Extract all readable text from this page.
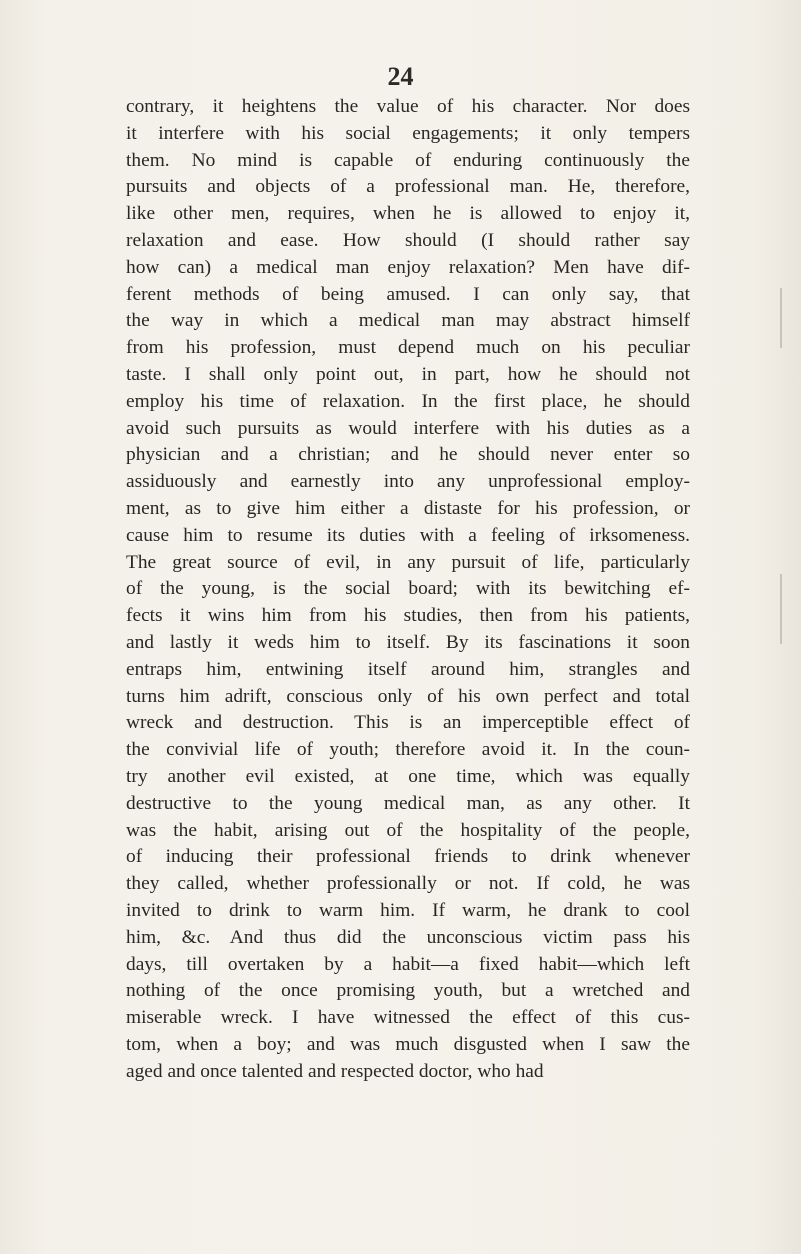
24
contrary, it heightens the value of his character. Nor does
it interfere with his social engagements; it only tempers
them. No mind is capable of enduring continuously the
pursuits and objects of a professional man. He, therefore,
like other men, requires, when he is allowed to enjoy it,
relaxation and ease. How should (I should rather say
how can) a medical man enjoy relaxation? Men have dif-
ferent methods of being amused. I can only say, that
the way in which a medical man may abstract himself
from his profession, must depend much on his peculiar
taste. I shall only point out, in part, how he should not
employ his time of relaxation. In the first place, he should
avoid such pursuits as would interfere with his duties as a
physician and a christian; and he should never enter so
assiduously and earnestly into any unprofessional employ-
ment, as to give him either a distaste for his profession, or
cause him to resume its duties with a feeling of irksomeness.
The great source of evil, in any pursuit of life, particularly
of the young, is the social board; with its bewitching ef-
fects it wins him from his studies, then from his patients,
and lastly it weds him to itself. By its fascinations it soon
entraps him, entwining itself around him, strangles and
turns him adrift, conscious only of his own perfect and total
wreck and destruction. This is an imperceptible effect of
the convivial life of youth; therefore avoid it. In the coun-
try another evil existed, at one time, which was equally
destructive to the young medical man, as any other. It
was the habit, arising out of the hospitality of the people,
of inducing their professional friends to drink whenever
they called, whether professionally or not. If cold, he was
invited to drink to warm him. If warm, he drank to cool
him, &c. And thus did the unconscious victim pass his
days, till overtaken by a habit—a fixed habit—which left
nothing of the once promising youth, but a wretched and
miserable wreck. I have witnessed the effect of this cus-
tom, when a boy; and was much disgusted when I saw the
aged and once talented and respected doctor, who had
